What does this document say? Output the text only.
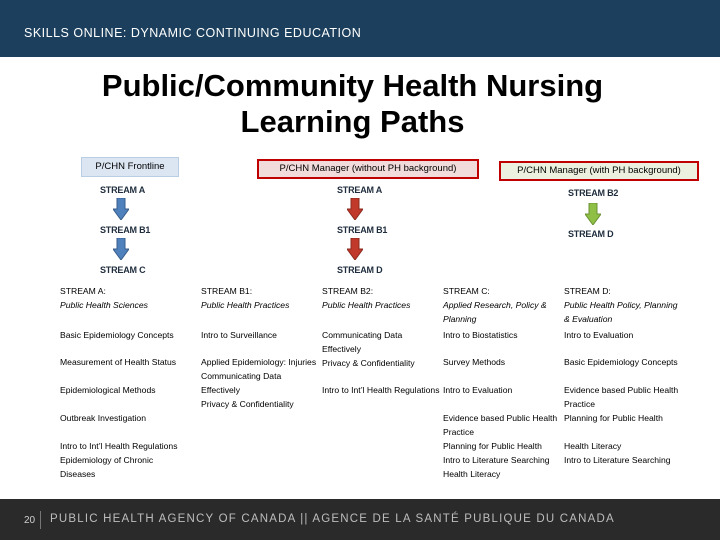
SKILLS ONLINE: DYNAMIC CONTINUING EDUCATION
Public/Community Health Nursing
Learning Paths
P/CHN Frontline	P/CHN Manager (without PH background)	P/CHN Manager (with PH background)
STREAM A
STREAM B1
STREAM C
STREAM A
STREAM B1
STREAM D
STREAM B2
STREAM D
STREAM A:
Public Health Sciences
Basic Epidemiology Concepts
Measurement of Health Status
Epidemiological Methods
Outbreak Investigation
Intro to Int’l Health Regulations
Epidemiology of Chronic Diseases
STREAM B1:
Public Health Practices
Intro to Surveillance
Applied Epidemiology: Injuries
Communicating Data Effectively
Privacy & Confidentiality
STREAM B2:
Public Health Practices
Communicating Data Effectively
Privacy & Confidentiality
Intro to Int’l Health Regulations
STREAM C:
Applied Research, Policy & Planning
Intro to Biostatistics
Survey Methods
Intro to Evaluation
Evidence based Public Health Practice
Planning for Public Health
Intro to Literature Searching
Health Literacy
STREAM D:
Public Health Policy, Planning & Evaluation
Intro to Evaluation
Basic Epidemiology Concepts
Evidence based Public Health Practice
Planning for Public Health
Health Literacy
Intro to Literature Searching
20 PUBLIC HEALTH AGENCY OF CANADA || AGENCE DE LA SANTÉ PUBLIQUE DU CANADA
